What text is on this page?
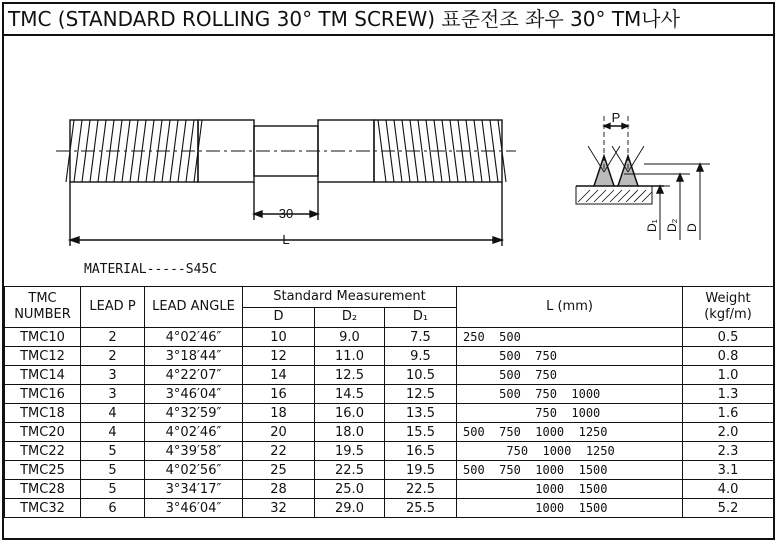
TMC (STANDARD ROLLING 30° TM SCREW) 표준전조 좌우 30° TM나사
30
L
P
D₁ D₂ D
MATERIAL-----S45C
TMC NUMBER	LEAD P	LEAD ANGLE	Standard Measurement			L (mm)	Weight (kgf/m)
			D	D₂	D₁		
TMC10	2	4°02′46″	10	9.0	7.5	250  500	0.5
TMC12	2	3°18′44″	12	11.0	9.5	500  750	0.8
TMC14	3	4°22′07″	14	12.5	10.5	500  750	1.0
TMC16	3	3°46′04″	16	14.5	12.5	500  750  1000	1.3
TMC18	4	4°32′59″	18	16.0	13.5	750  1000	1.6
TMC20	4	4°02′46″	20	18.0	15.5	500  750  1000  1250	2.0
TMC22	5	4°39′58″	22	19.5	16.5	750  1000  1250	2.3
TMC25	5	4°02′56″	25	22.5	19.5	500  750  1000  1500	3.1
TMC28	5	3°34′17″	28	25.0	22.5	1000  1500	4.0
TMC32	6	3°46′04″	32	29.0	25.5	1000  1500	5.2
